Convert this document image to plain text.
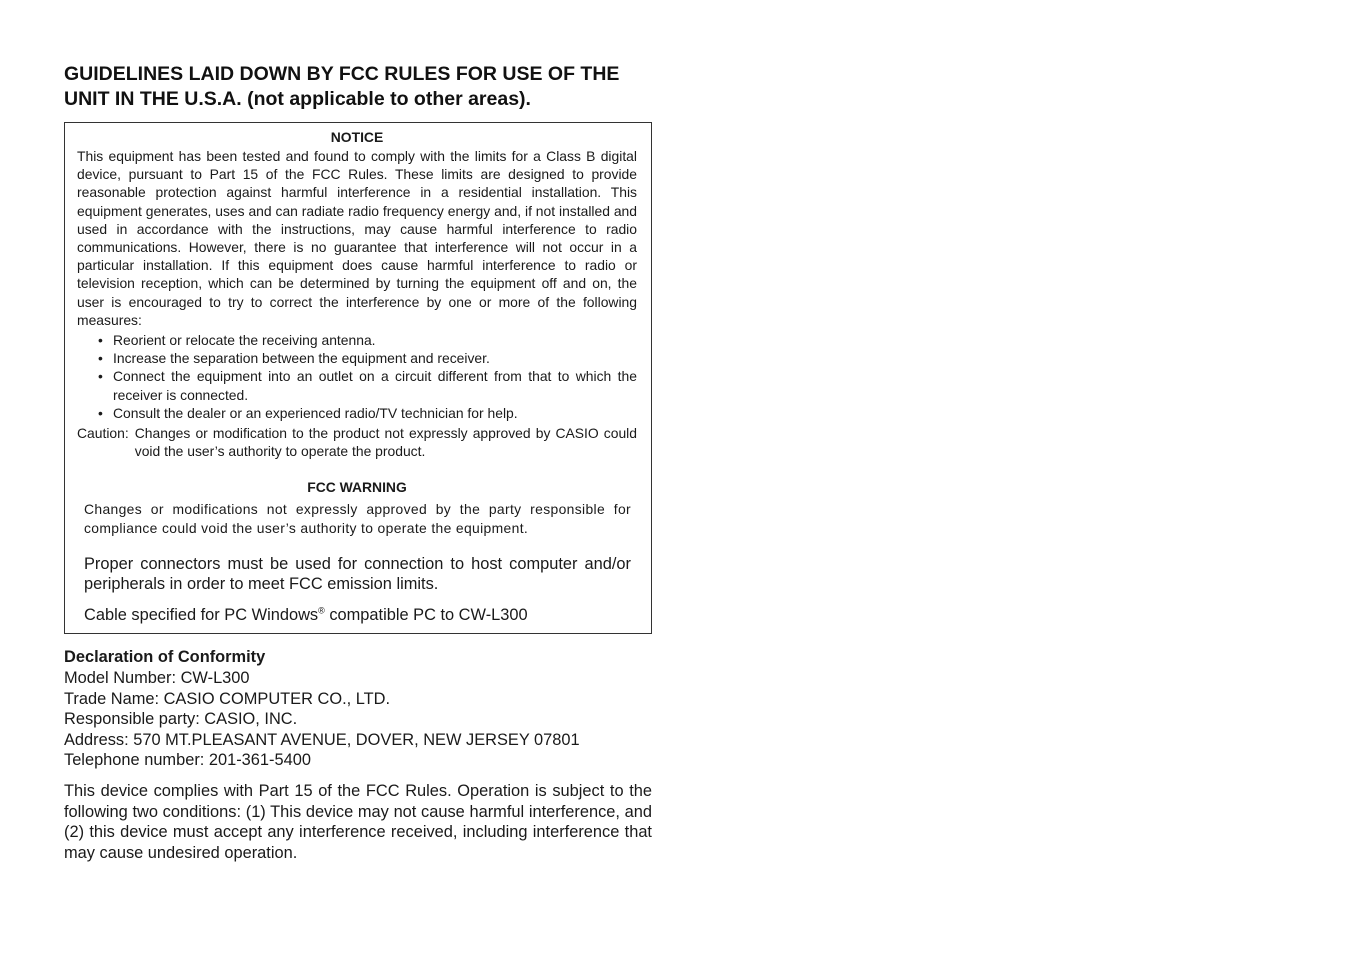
GUIDELINES LAID DOWN BY FCC RULES FOR USE OF THE
UNIT IN THE U.S.A. (not applicable to other areas).
NOTICE

This equipment has been tested and found to comply with the limits for a Class B digital device, pursuant to Part 15 of the FCC Rules. These limits are designed to provide reasonable protection against harmful interference in a residential installation. This equipment generates, uses and can radiate radio frequency energy and, if not installed and used in accordance with the instructions, may cause harmful interference to radio communications. However, there is no guarantee that interference will not occur in a particular installation. If this equipment does cause harmful interference to radio or television reception, which can be determined by turning the equipment off and on, the user is encouraged to try to correct the interference by one or more of the following measures:

• Reorient or relocate the receiving antenna.
• Increase the separation between the equipment and receiver.
• Connect the equipment into an outlet on a circuit different from that to which the receiver is connected.
• Consult the dealer or an experienced radio/TV technician for help.
Caution: Changes or modification to the product not expressly approved by CASIO could void the user’s authority to operate the product.
FCC WARNING

Changes or modifications not expressly approved by the party responsible for compliance could void the user’s authority to operate the equipment.

Proper connectors must be used for connection to host computer and/or peripherals in order to meet FCC emission limits.

Cable specified for PC Windows® compatible PC to CW-L300

Declaration of Conformity
Model Number: CW-L300
Trade Name: CASIO COMPUTER CO., LTD.
Responsible party: CASIO, INC.
Address: 570 MT.PLEASANT AVENUE, DOVER, NEW JERSEY 07801
Telephone number: 201-361-5400

This device complies with Part 15 of the FCC Rules. Operation is subject to the following two conditions: (1) This device may not cause harmful interference, and (2) this device must accept any interference received, including interference that may cause undesired operation.
